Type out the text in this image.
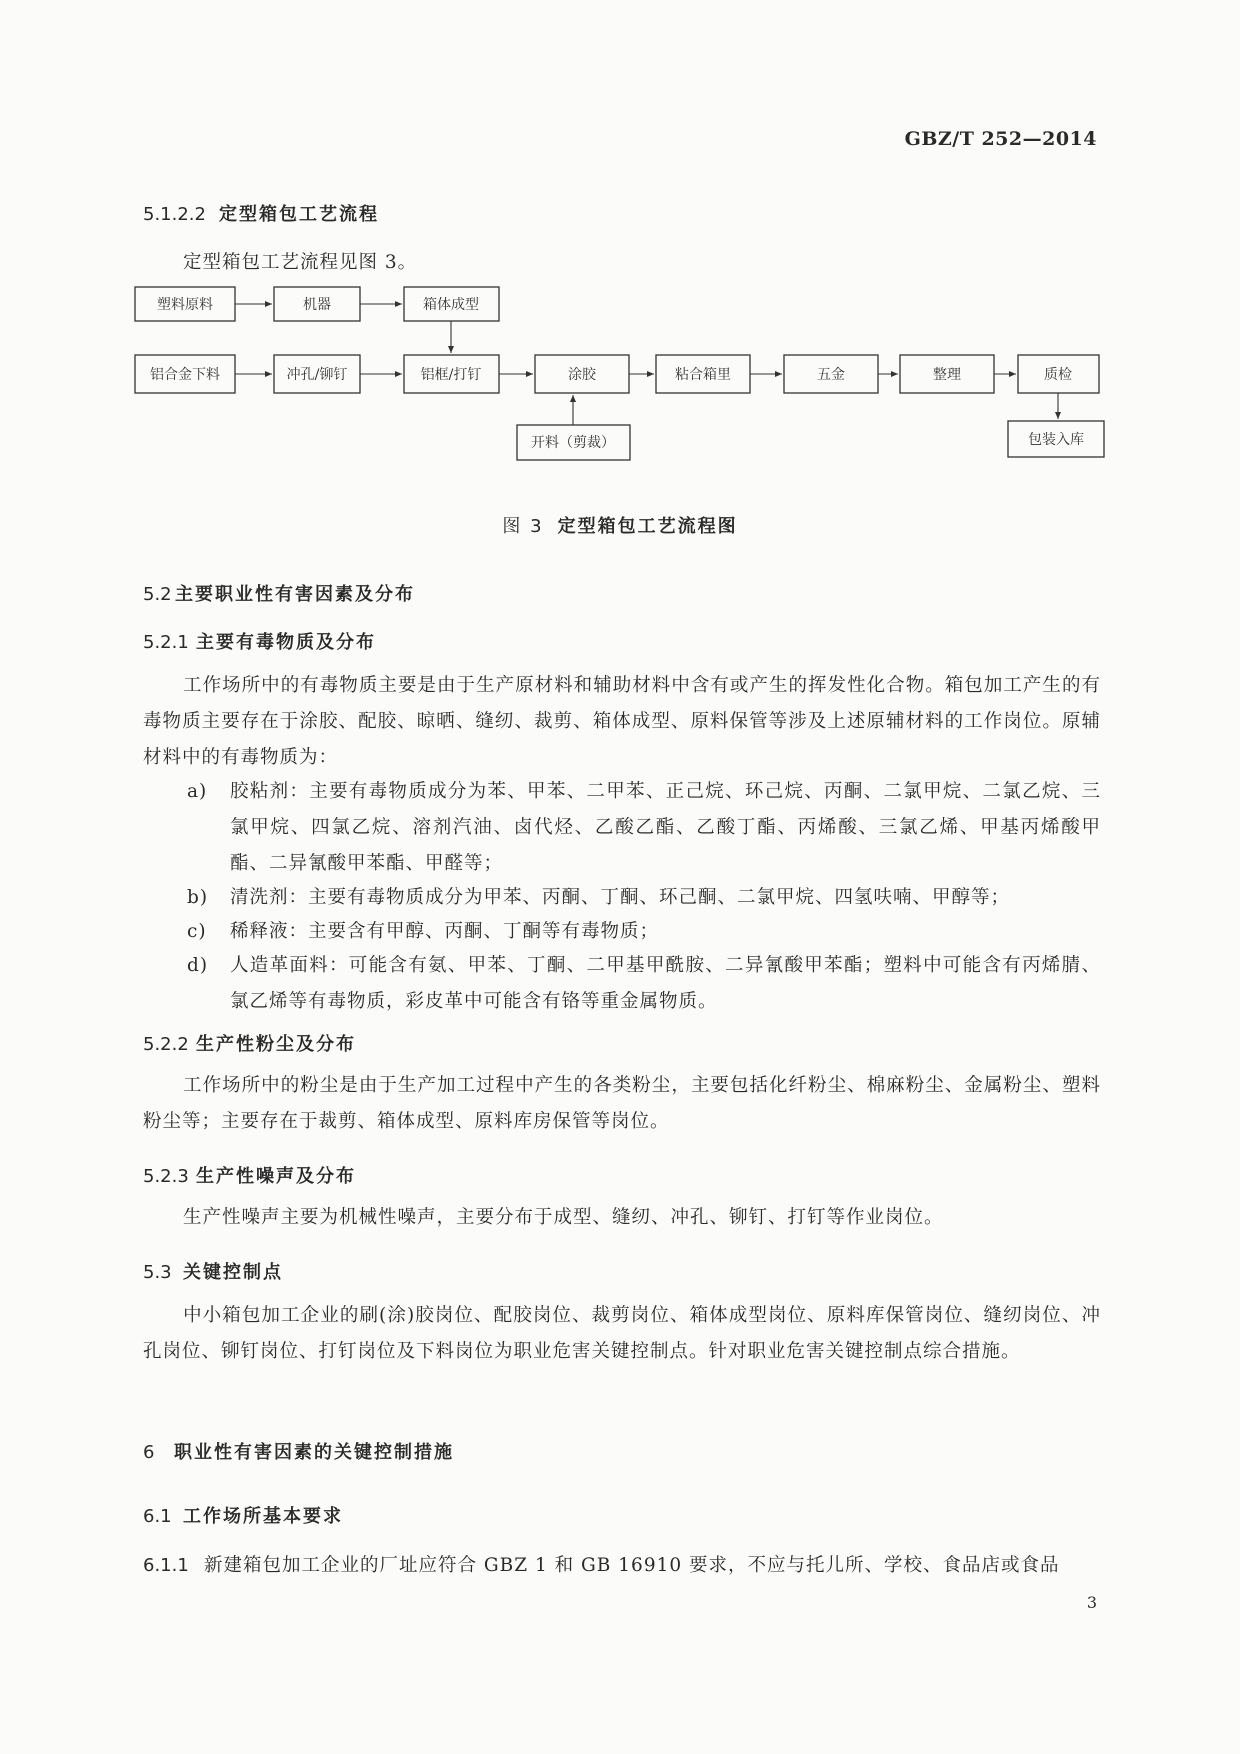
GBZ/T 252—2014
5.1.2.2 定型箱包工艺流程
定型箱包工艺流程见图 3。
塑料原料	机器	箱体成型
铝合金下料	冲孔/铆钉	铝框/打钉	涂胶	粘合箱里	五金	整理	质检
开料（剪裁）	包装入库
图 3 定型箱包工艺流程图
5.2 主要职业性有害因素及分布
5.2.1 主要有毒物质及分布
工作场所中的有毒物质主要是由于生产原材料和辅助材料中含有或产生的挥发性化合物。箱包加工产生的有毒物质主要存在于涂胶、配胶、晾晒、缝纫、裁剪、箱体成型、原料保管等涉及上述原辅材料的工作岗位。原辅材料中的有毒物质为：
a) 胶粘剂：主要有毒物质成分为苯、甲苯、二甲苯、正己烷、环己烷、丙酮、二氯甲烷、二氯乙烷、三氯甲烷、四氯乙烷、溶剂汽油、卤代烃、乙酸乙酯、乙酸丁酯、丙烯酸、三氯乙烯、甲基丙烯酸甲酯、二异氰酸甲苯酯、甲醛等；
b) 清洗剂：主要有毒物质成分为甲苯、丙酮、丁酮、环己酮、二氯甲烷、四氢呋喃、甲醇等；
c) 稀释液：主要含有甲醇、丙酮、丁酮等有毒物质；
d) 人造革面料：可能含有氨、甲苯、丁酮、二甲基甲酰胺、二异氰酸甲苯酯；塑料中可能含有丙烯腈、氯乙烯等有毒物质，彩皮革中可能含有铬等重金属物质。
5.2.2 生产性粉尘及分布
工作场所中的粉尘是由于生产加工过程中产生的各类粉尘，主要包括化纤粉尘、棉麻粉尘、金属粉尘、塑料粉尘等；主要存在于裁剪、箱体成型、原料库房保管等岗位。
5.2.3 生产性噪声及分布
生产性噪声主要为机械性噪声，主要分布于成型、缝纫、冲孔、铆钉、打钉等作业岗位。
5.3 关键控制点
中小箱包加工企业的刷(涂)胶岗位、配胶岗位、裁剪岗位、箱体成型岗位、原料库保管岗位、缝纫岗位、冲孔岗位、铆钉岗位、打钉岗位及下料岗位为职业危害关键控制点。针对职业危害关键控制点综合措施。
6 职业性有害因素的关键控制措施
6.1 工作场所基本要求
6.1.1 新建箱包加工企业的厂址应符合 GBZ 1 和 GB 16910 要求，不应与托儿所、学校、食品店或食品
3
